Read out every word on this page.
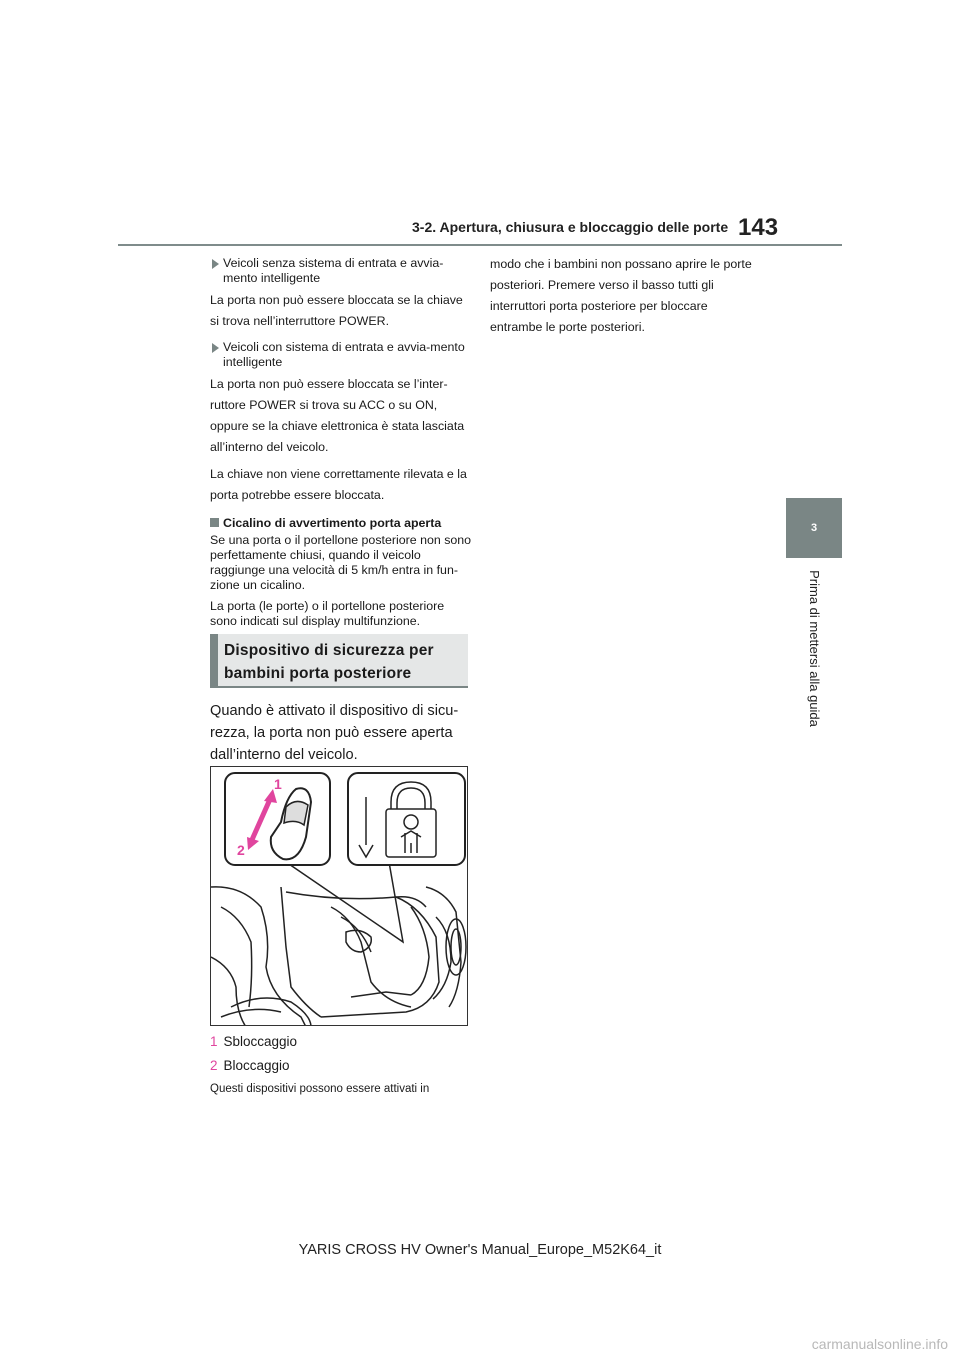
3-2. Apertura, chiusura e bloccaggio delle porte 143
3
Prima di mettersi alla guida
Veicoli senza sistema di entrata e avvia-mento intelligente

La porta non può essere bloccata se la chiave si trova nell’interruttore POWER.

Veicoli con sistema di entrata e avvia-mento intelligente

La porta non può essere bloccata se l’inter-ruttore POWER si trova su ACC o su ON, oppure se la chiave elettronica è stata lasciata all’interno del veicolo.

La chiave non viene correttamente rilevata e la porta potrebbe essere bloccata.

Cicalino di avvertimento porta aperta

Se una porta o il portellone posteriore non sono perfettamente chiusi, quando il veicolo raggiunge una velocità di 5 km/h entra in fun-zione un cicalino.

La porta (le porte) o il portellone posteriore sono indicati sul display multifunzione.

Dispositivo di sicurezza per
bambini porta posteriore
Quando è attivato il dispositivo di sicu-rezza, la porta non può essere aperta dall’interno del veicolo.
1
2
1 Sbloccaggio
2 Bloccaggio
Questi dispositivi possono essere attivati in

modo che i bambini non possano aprire le porte posteriori. Premere verso il basso tutti gli interruttori porta posteriore per bloccare entrambe le porte posteriori.

YARIS CROSS HV Owner's Manual_Europe_M52K64_it
carmanualsonline.info
